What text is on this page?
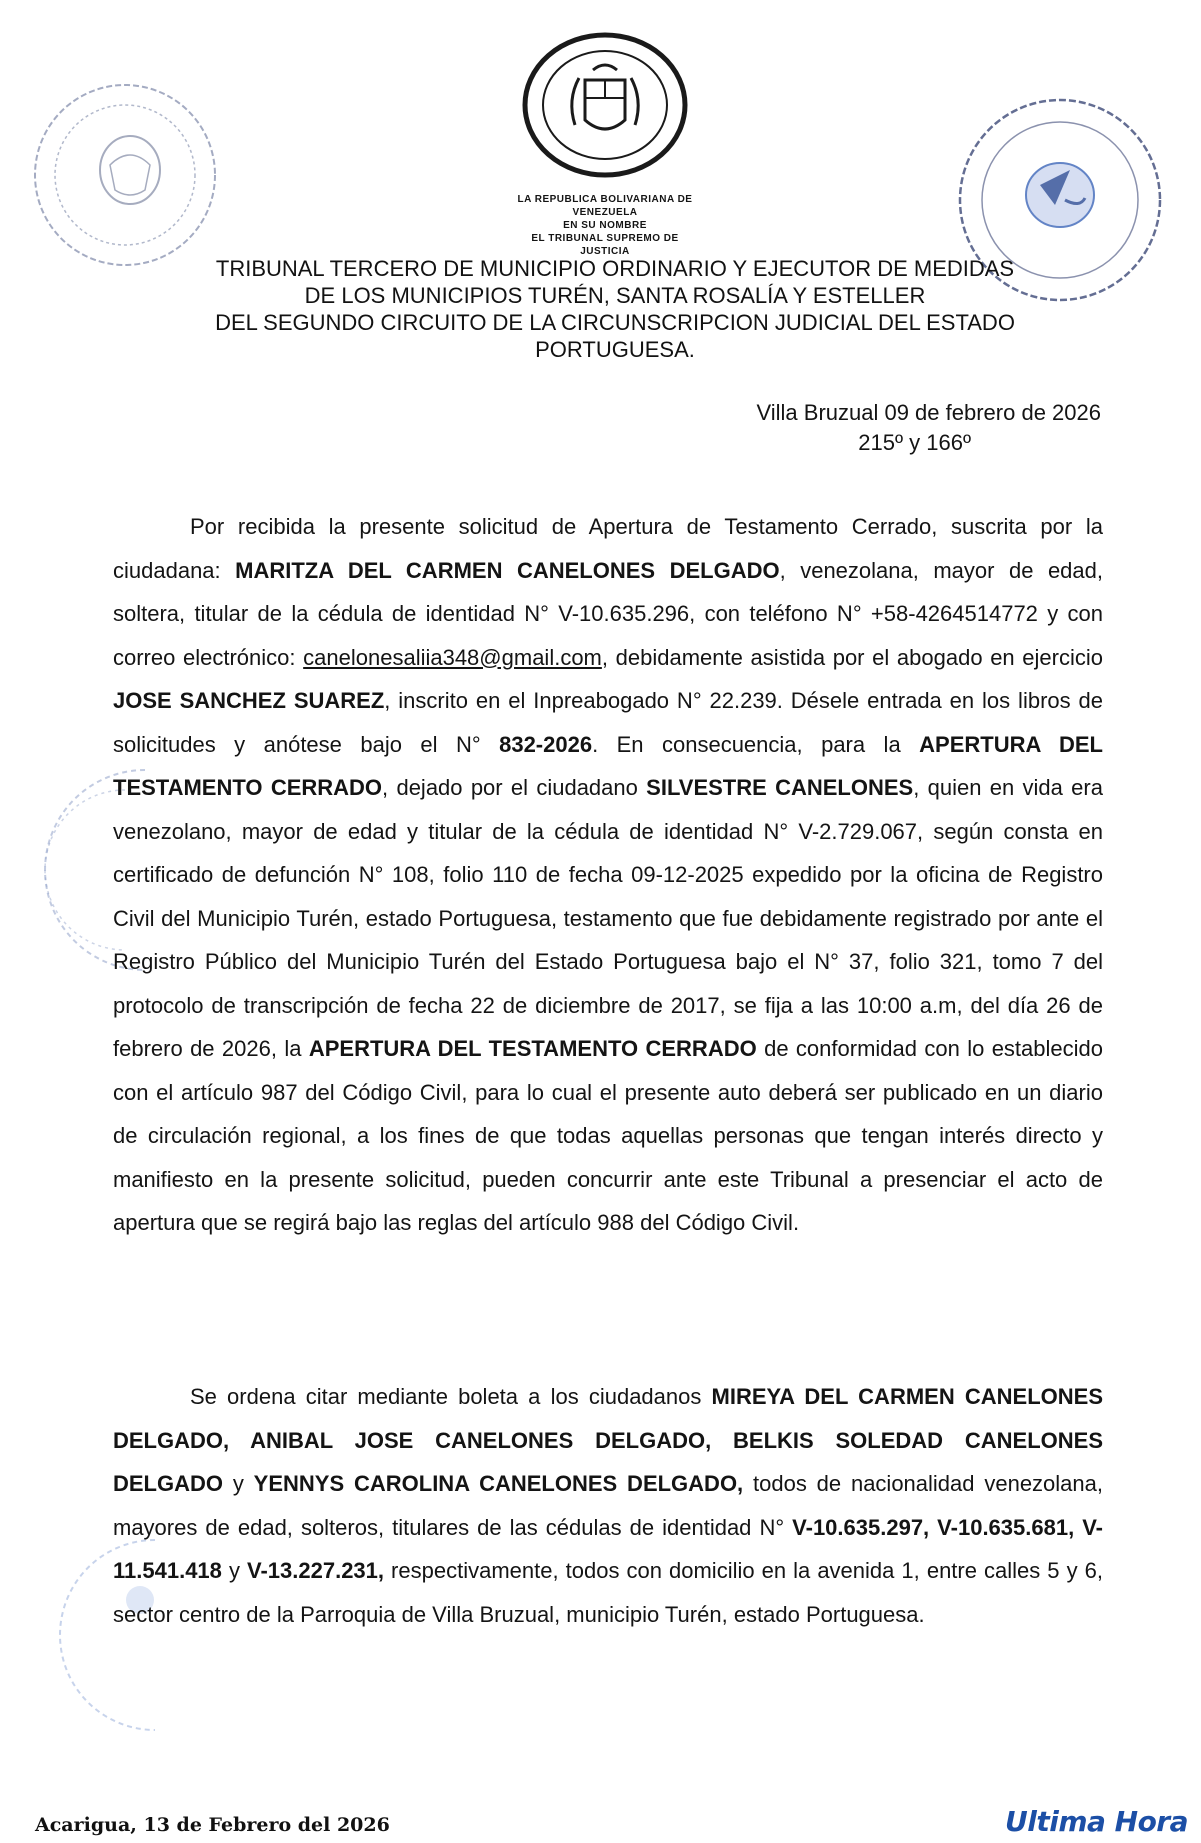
LA REPUBLICA BOLIVARIANA DE VENEZUELA
EN SU NOMBRE
EL TRIBUNAL SUPREMO DE JUSTICIA
TRIBUNAL TERCERO DE MUNICIPIO ORDINARIO Y EJECUTOR DE MEDIDAS
DE LOS MUNICIPIOS TURÉN, SANTA ROSALÍA Y ESTELLER
DEL SEGUNDO CIRCUITO DE LA CIRCUNSCRIPCION JUDICIAL DEL ESTADO
PORTUGUESA.
Villa Bruzual 09 de febrero de 2026
215º y 166º
Por recibida la presente solicitud de Apertura de Testamento Cerrado, suscrita por la ciudadana: MARITZA DEL CARMEN CANELONES DELGADO, venezolana, mayor de edad, soltera, titular de la cédula de identidad N° V-10.635.296, con teléfono N° +58-4264514772 y con correo electrónico: canelonesaliia348@gmail.com, debidamente asistida por el abogado en ejercicio JOSE SANCHEZ SUAREZ, inscrito en el Inpreabogado N° 22.239. Désele entrada en los libros de solicitudes y anótese bajo el N° 832-2026. En consecuencia, para la APERTURA DEL TESTAMENTO CERRADO, dejado por el ciudadano SILVESTRE CANELONES, quien en vida era venezolano, mayor de edad y titular de la cédula de identidad N° V-2.729.067, según consta en certificado de defunción N° 108, folio 110 de fecha 09-12-2025 expedido por la oficina de Registro Civil del Municipio Turén, estado Portuguesa, testamento que fue debidamente registrado por ante el Registro Público del Municipio Turén del Estado Portuguesa bajo el N° 37, folio 321, tomo 7 del protocolo de transcripción de fecha 22 de diciembre de 2017, se fija a las 10:00 a.m, del día 26 de febrero de 2026, la APERTURA DEL TESTAMENTO CERRADO de conformidad con lo establecido con el artículo 987 del Código Civil, para lo cual el presente auto deberá ser publicado en un diario de circulación regional, a los fines de que todas aquellas personas que tengan interés directo y manifiesto en la presente solicitud, pueden concurrir ante este Tribunal a presenciar el acto de apertura que se regirá bajo las reglas del artículo 988 del Código Civil.
Se ordena citar mediante boleta a los ciudadanos MIREYA DEL CARMEN CANELONES DELGADO, ANIBAL JOSE CANELONES DELGADO, BELKIS SOLEDAD CANELONES DELGADO y YENNYS CAROLINA CANELONES DELGADO, todos de nacionalidad venezolana, mayores de edad, solteros, titulares de las cédulas de identidad N° V-10.635.297, V-10.635.681, V-11.541.418 y V-13.227.231, respectivamente, todos con domicilio en la avenida 1, entre calles 5 y 6, sector centro de la Parroquia de Villa Bruzual, municipio Turén, estado Portuguesa.
Acarigua, 13 de Febrero del 2026	Ultima Hora
